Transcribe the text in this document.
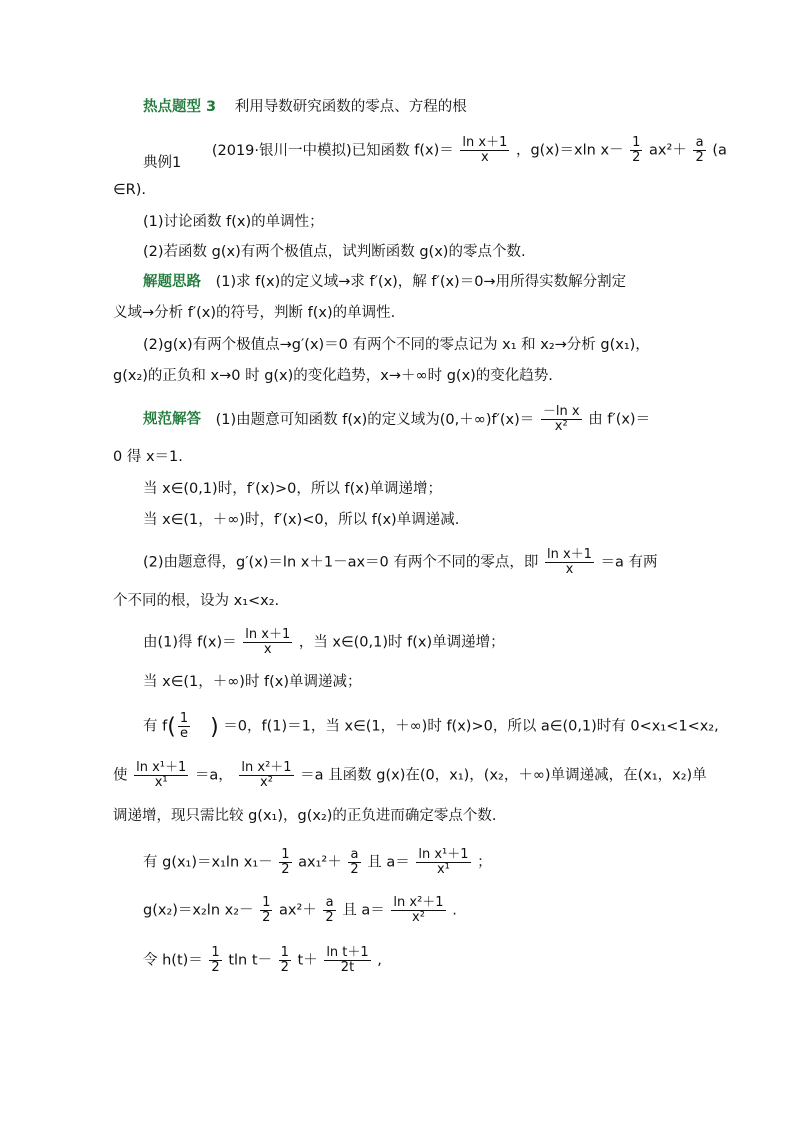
热点题型 3 利用导数研究函数的零点、方程的根
典例1 (2019·银川一中模拟)已知函数 $f(x)= \frac{\text{ln x＋1}}{x}$ ，g(x)＝xln $x- \frac{1}{2} ax^2+ \frac{a}{2} (a$
∈R).
(1)讨论函数 f(x)的单调性；
(2)若函数 g(x)有两个极值点，试判断函数 g(x)的零点个数.
解题思路 (1)求 f(x)的定义域→求 f′(x)，解 f′(x)＝0→用所得实数解分割定
义域→分析 f′(x)的符号，判断 f(x)的单调性.
(2)g(x)有两个极值点→g′(x)＝0 有两个不同的零点记为 x₁ 和 x₂→分析 g(x₁)，
g(x₂)的正负和 x→0 时 g(x)的变化趋势，x→＋∞时 g(x)的变化趋势.
规范解答 (1)由题意可知函数 f(x)的定义域为$(0,+\infty)f'(x)= \frac{\text{－ln x}}{\text{x²}}$ 由 f′(x)＝
0 得 x＝1.
当 x∈(0,1)时，f′(x)>0，所以 f(x)单调递增；
当 x∈(1，＋∞)时，f′(x)<0，所以 f(x)单调递减.
(2)由题意得，g′(x)＝ln x＋1－ax＝0 有两个不同的零点，即 $\frac{\text{ln x＋1}}{x} =a$ 有两
个不同的根，设为 x₁<x₂.
由(1)得 $f(x)= \frac{\text{ln x＋1}}{x}$ ，当 x∈(0,1)时 f(x)单调递增；
当 x∈(1，＋∞)时 f(x)单调递减；
有 $f( \frac{1}{e}$ ) ＝0，f(1)＝1，当 x∈(1，＋∞)时 f(x)>0，所以 a∈(0,1)时有 0<x₁<1<x₂,
使 $\frac{\text{ln x¹＋1}}{\text{x¹}} =a$， $\frac{\text{ln x²＋1}}{\text{x²}} =a$ 且函数 g(x)在(0，x₁)，(x₂，＋∞)单调递减，在(x₁，x₂)单
调递增，现只需比较 g(x₁)，g(x₂)的正负进而确定零点个数.
有 g(x₁)＝x₁ln $x_1- \frac{1}{2} ax_1^2+ \frac{a}{2}$ 且 $a= \frac{\text{ln x¹＋1}}{\text{x¹}}$ ；
g(x₂)＝x₂ln $x_2- \frac{1}{2} ax^2+ \frac{a}{2}$ 且 $a= \frac{\text{ln x²＋1}}{\text{x²}}$ .
令 $h(t)= \frac{1}{2}$ tln $t- \frac{1}{2} t+ \frac{\text{ln t＋1}}{2t}$ ,
